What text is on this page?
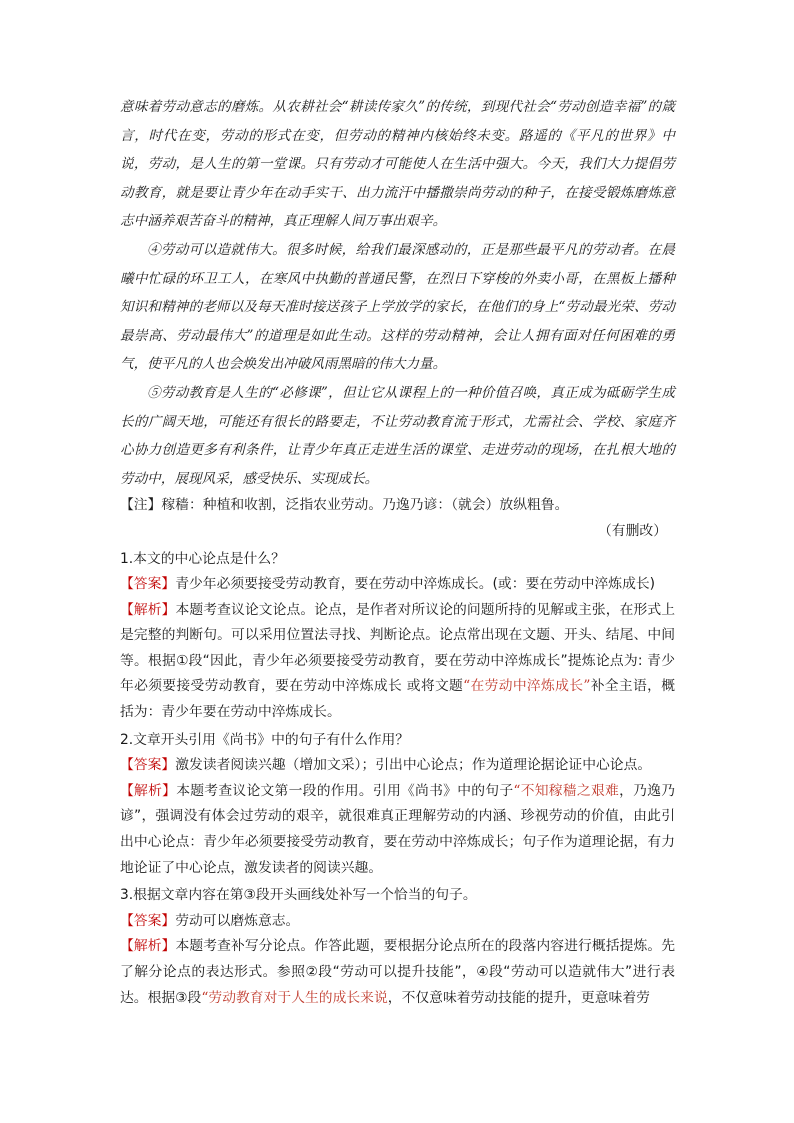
意味着劳动意志的磨炼。从农耕社会“耕读传家久”的传统，到现代社会“劳动创造幸福”的箴言，时代在变，劳动的形式在变，但劳动的精神内核始终未变。路遥的《平凡的世界》中说，劳动，是人生的第一堂课。只有劳动才可能使人在生活中强大。今天，我们大力提倡劳动教育，就是要让青少年在动手实干、出力流汗中播撒崇尚劳动的种子，在接受锻炼磨炼意志中涵养艰苦奋斗的精神，真正理解人间万事出艰辛。

④劳动可以造就伟大。很多时候，给我们最深感动的，正是那些最平凡的劳动者。在晨曦中忙碌的环卫工人，在寒风中执勤的普通民警，在烈日下穿梭的外卖小哥，在黑板上播种知识和精神的老师以及每天准时接送孩子上学放学的家长，在他们的身上“劳动最光荣、劳动最崇高、劳动最伟大”的道理是如此生动。这样的劳动精神，会让人拥有面对任何困难的勇气，使平凡的人也会焕发出冲破风雨黑暗的伟大力量。

⑤劳动教育是人生的“必修课”，但让它从课程上的一种价值召唤，真正成为砥砺学生成长的广阔天地，可能还有很长的路要走，不让劳动教育流于形式，尤需社会、学校、家庭齐心协力创造更多有利条件，让青少年真正走进生活的课堂、走进劳动的现场，在扎根大地的劳动中，展现风采，感受快乐、实现成长。

【注】稼穑：种植和收割，泛指农业劳动。乃逸乃谚：（就会）放纵粗鲁。

（有删改）

1.本文的中心论点是什么？

【答案】青少年必须要接受劳动教育，要在劳动中淬炼成长。(或：要在劳动中淬炼成长)

【解析】本题考查议论文论点。论点，是作者对所议论的问题所持的见解或主张，在形式上是完整的判断句。可以采用位置法寻找、判断论点。论点常出现在文题、开头、结尾、中间等。根据①段“因此，青少年必须要接受劳动教育，要在劳动中淬炼成长”提炼论点为: 青少年必须要接受劳动教育，要在劳动中淬炼成长 或将文题“在劳动中淬炼成长”补全主语，概括为：青少年要在劳动中淬炼成长。

2.文章开头引用《尚书》中的句子有什么作用？

【答案】激发读者阅读兴趣（增加文采）；引出中心论点；作为道理论据论证中心论点。

【解析】本题考查议论文第一段的作用。引用《尚书》中的句子“不知稼穑之艰难，乃逸乃谚”，强调没有体会过劳动的艰辛，就很难真正理解劳动的内涵、珍视劳动的价值，由此引出中心论点：青少年必须要接受劳动教育，要在劳动中淬炼成长；句子作为道理论据，有力地论证了中心论点，激发读者的阅读兴趣。

3.根据文章内容在第③段开头画线处补写一个恰当的句子。

【答案】劳动可以磨炼意志。

【解析】本题考查补写分论点。作答此题，要根据分论点所在的段落内容进行概括提炼。先了解分论点的表达形式。参照②段“劳动可以提升技能”，④段“劳动可以造就伟大”进行表达。根据③段“劳动教育对于人生的成长来说，不仅意味着劳动技能的提升，更意味着劳
